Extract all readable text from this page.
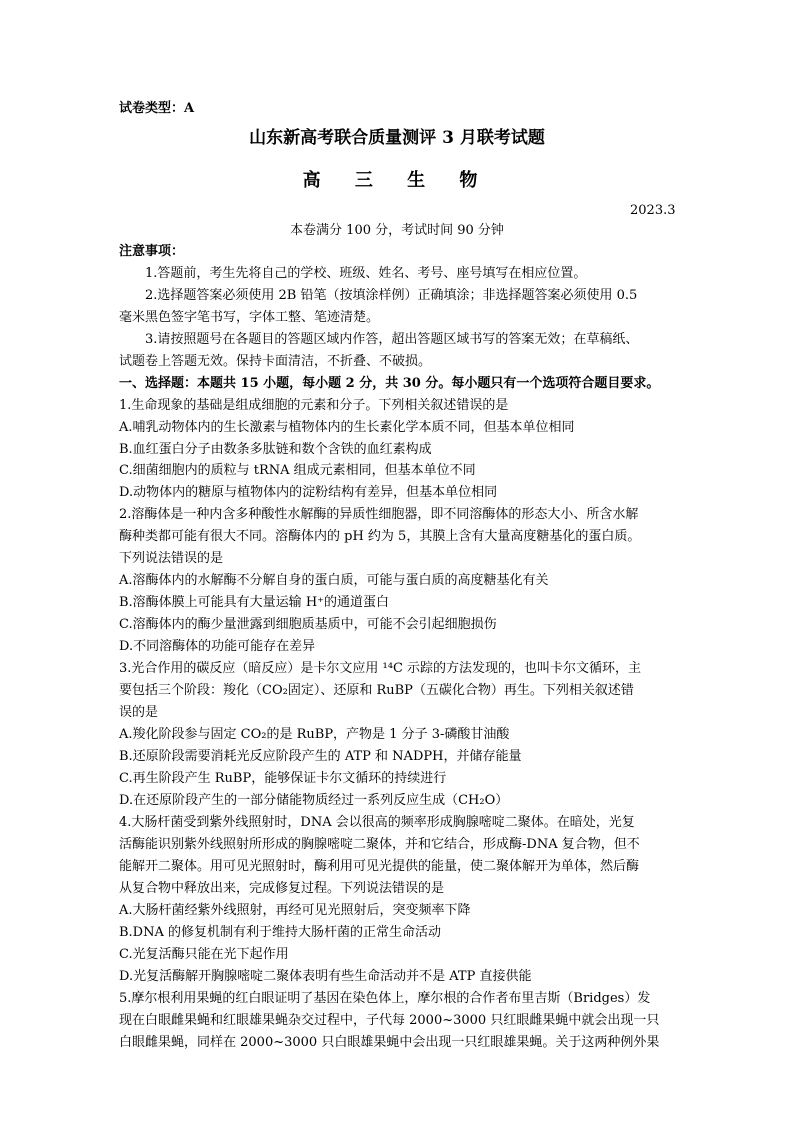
试卷类型：A
山东新高考联合质量测评 3 月联考试题
高 三 生 物
2023.3
本卷满分 100 分，考试时间 90 分钟
注意事项：
1.答题前，考生先将自己的学校、班级、姓名、考号、座号填写在相应位置。
2.选择题答案必须使用 2B 铅笔（按填涂样例）正确填涂；非选择题答案必须使用 0.5
毫米黑色签字笔书写，字体工整、笔迹清楚。
3.请按照题号在各题目的答题区域内作答，超出答题区域书写的答案无效；在草稿纸、
试题卷上答题无效。保持卡面清洁，不折叠、不破损。
一、选择题：本题共 15 小题，每小题 2 分，共 30 分。每小题只有一个选项符合题目要求。
1.生命现象的基础是组成细胞的元素和分子。下列相关叙述错误的是
A.哺乳动物体内的生长激素与植物体内的生长素化学本质不同，但基本单位相同
B.血红蛋白分子由数条多肽链和数个含铁的血红素构成
C.细菌细胞内的质粒与 tRNA 组成元素相同，但基本单位不同
D.动物体内的糖原与植物体内的淀粉结构有差异，但基本单位相同
2.溶酶体是一种内含多种酸性水解酶的异质性细胞器，即不同溶酶体的形态大小、所含水解
酶种类都可能有很大不同。溶酶体内的 pH 约为 5，其膜上含有大量高度糖基化的蛋白质。
下列说法错误的是
A.溶酶体内的水解酶不分解自身的蛋白质，可能与蛋白质的高度糖基化有关
B.溶酶体膜上可能具有大量运输 H⁺的通道蛋白
C.溶酶体内的酶少量泄露到细胞质基质中，可能不会引起细胞损伤
D.不同溶酶体的功能可能存在差异
3.光合作用的碳反应（暗反应）是卡尔文应用 ¹⁴C 示踪的方法发现的，也叫卡尔文循环，主
要包括三个阶段：羧化（CO₂固定）、还原和 RuBP（五碳化合物）再生。下列相关叙述错
误的是
A.羧化阶段参与固定 CO₂的是 RuBP，产物是 1 分子 3-磷酸甘油酸
B.还原阶段需要消耗光反应阶段产生的 ATP 和 NADPH，并储存能量
C.再生阶段产生 RuBP，能够保证卡尔文循环的持续进行
D.在还原阶段产生的一部分储能物质经过一系列反应生成（CH₂O）
4.大肠杆菌受到紫外线照射时，DNA 会以很高的频率形成胸腺嘧啶二聚体。在暗处，光复
活酶能识别紫外线照射所形成的胸腺嘧啶二聚体，并和它结合，形成酶-DNA 复合物，但不
能解开二聚体。用可见光照射时，酶利用可见光提供的能量，使二聚体解开为单体，然后酶
从复合物中释放出来，完成修复过程。下列说法错误的是
A.大肠杆菌经紫外线照射，再经可见光照射后，突变频率下降
B.DNA 的修复机制有利于维持大肠杆菌的正常生命活动
C.光复活酶只能在光下起作用
D.光复活酶解开胸腺嘧啶二聚体表明有些生命活动并不是 ATP 直接供能
5.摩尔根利用果蝇的红白眼证明了基因在染色体上，摩尔根的合作者布里吉斯（Bridges）发
现在白眼雌果蝇和红眼雄果蝇杂交过程中，子代每 2000~3000 只红眼雌果蝇中就会出现一只
白眼雌果蝇，同样在 2000~3000 只白眼雄果蝇中会出现一只红眼雄果蝇。关于这两种例外果
